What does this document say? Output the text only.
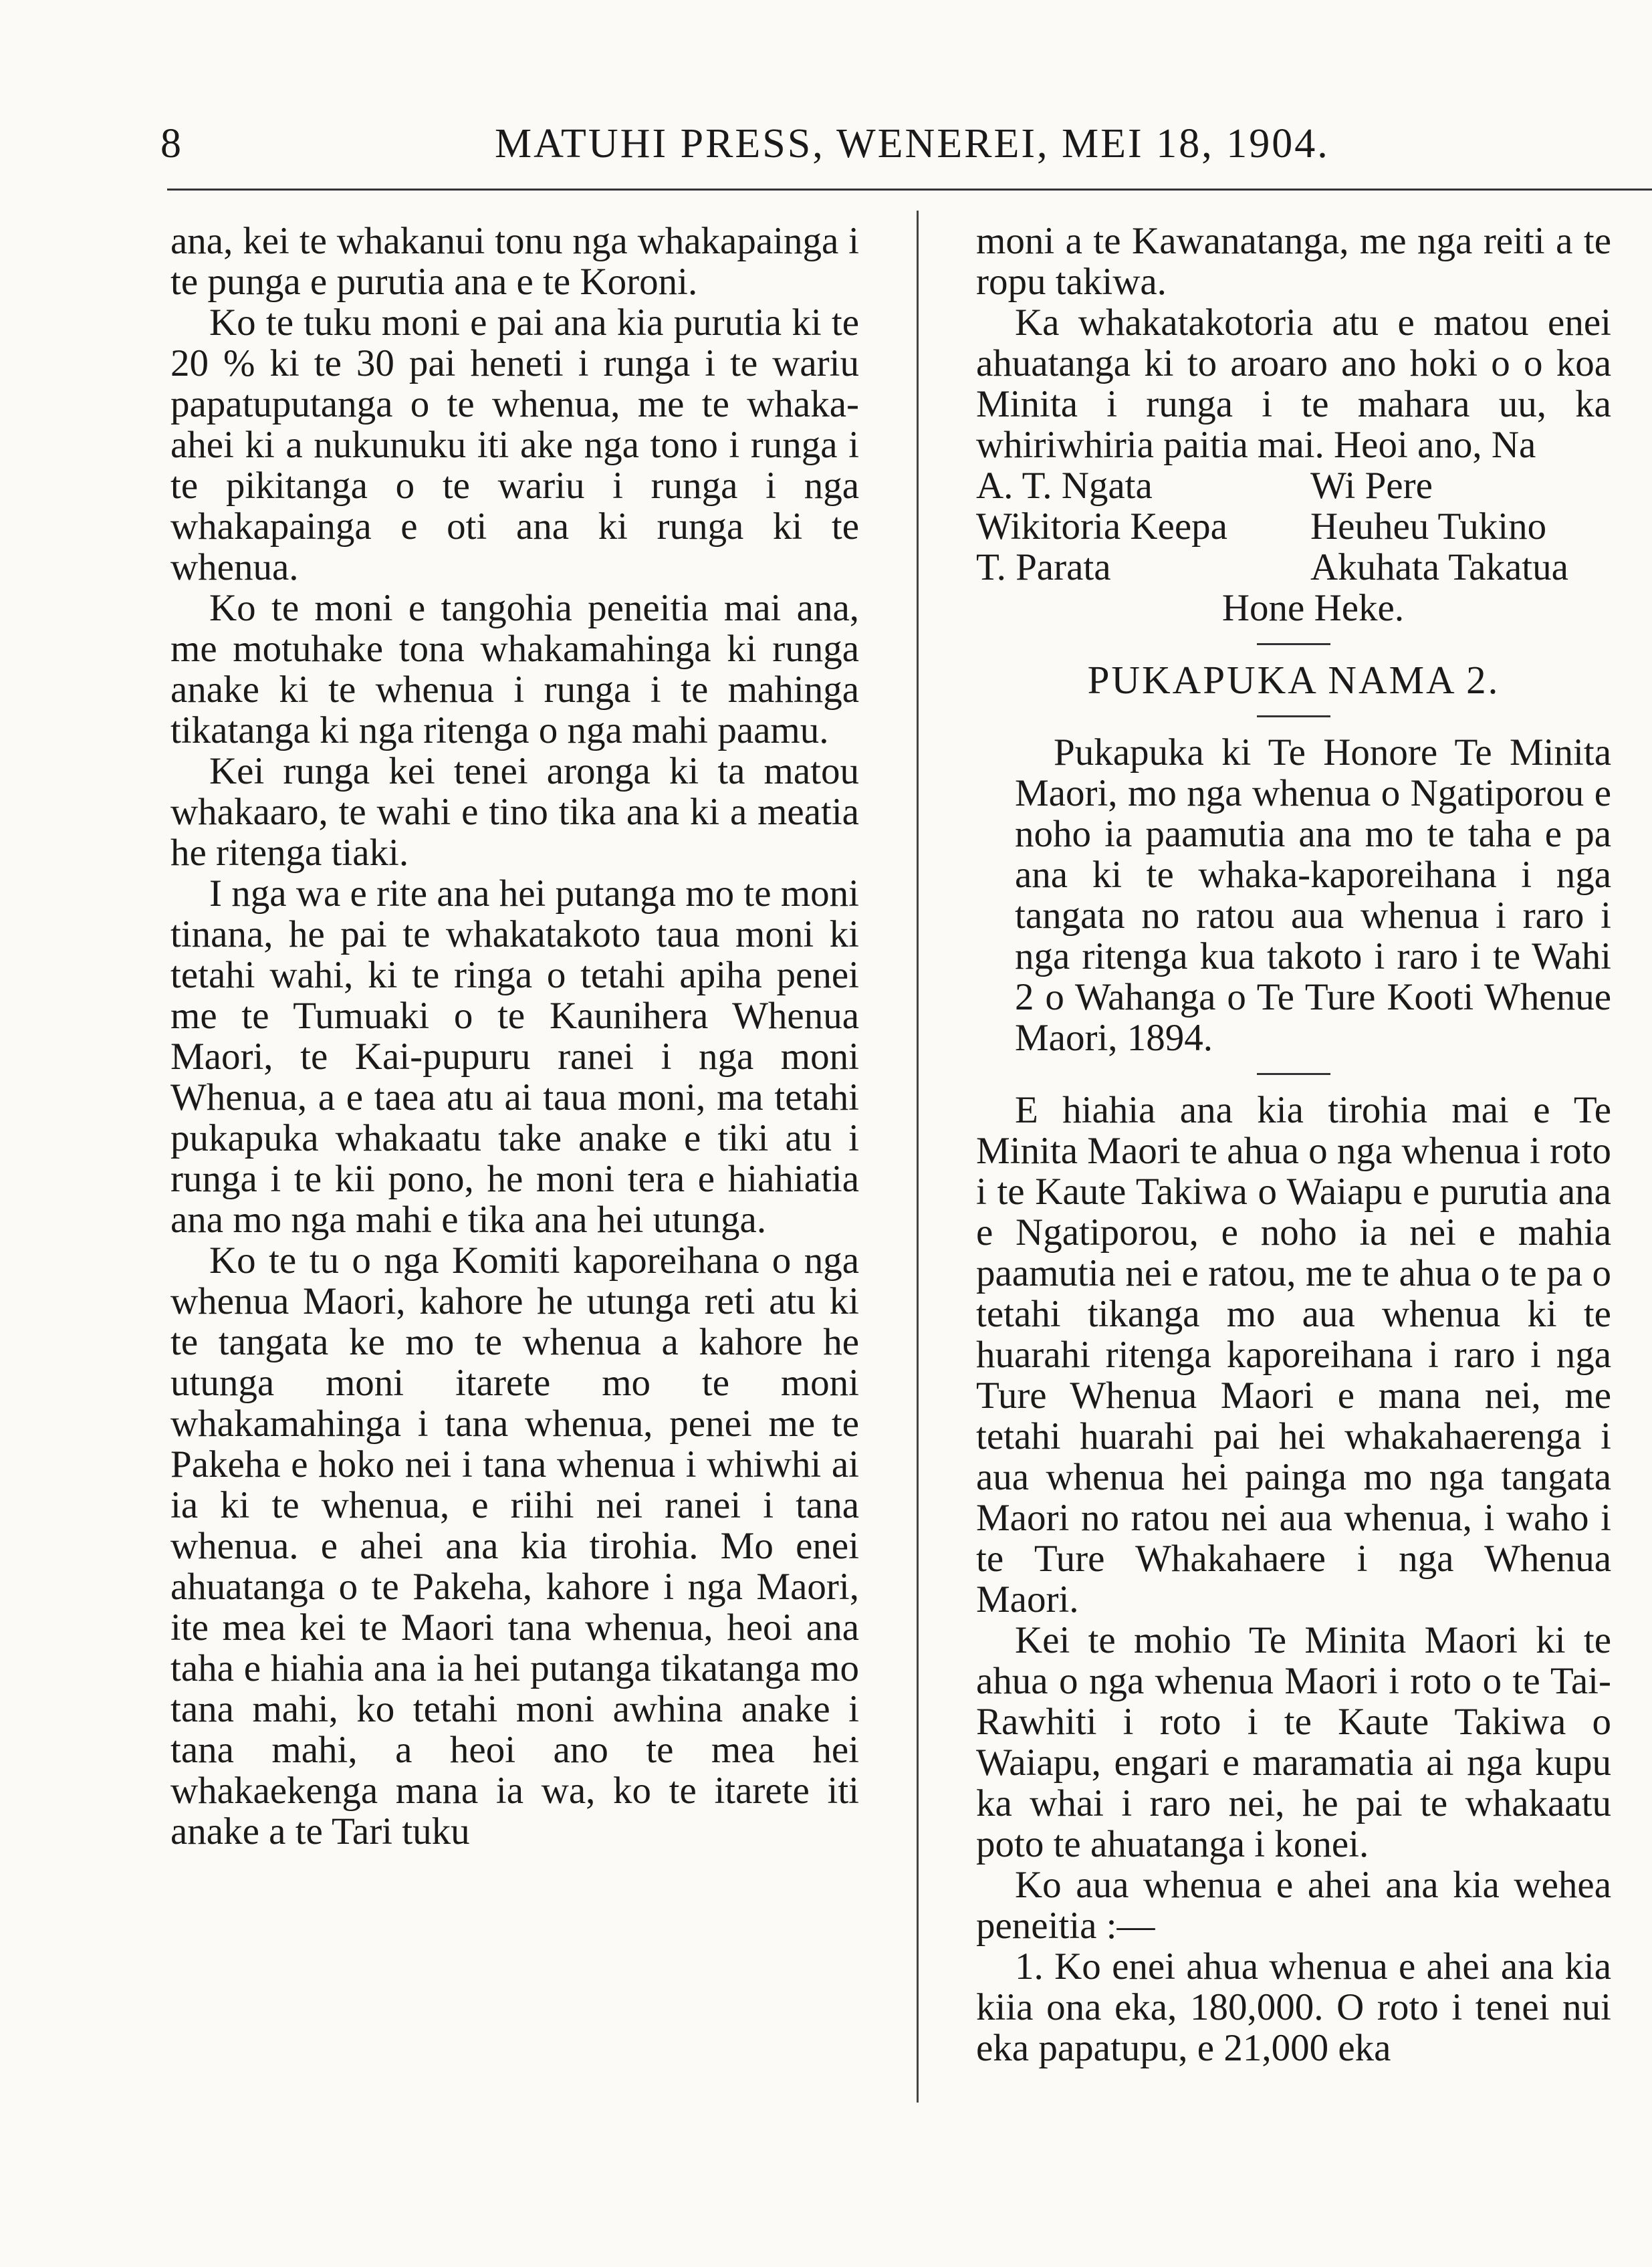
8	MATUHI PRESS, WENEREI, MEI 18, 1904.

ana, kei te whakanui tonu nga whakapainga i te punga e purutia ana e te Koroni.

Ko te tuku moni e pai ana kia purutia ki te 20 % ki te 30 pai heneti i runga i te wariu papatuputanga o te whenua, me te whaka-ahei ki a nukunuku iti ake nga tono i runga i te pikitanga o te wariu i runga i nga whakapainga e oti ana ki runga ki te whenua.

Ko te moni e tangohia peneitia mai ana, me motuhake tona whakamahinga ki runga anake ki te whenua i runga i te mahinga tikatanga ki nga ritenga o nga mahi paamu.

Kei runga kei tenei aronga ki ta matou whakaaro, te wahi e tino tika ana ki a meatia he ritenga tiaki.

I nga wa e rite ana hei putanga mo te moni tinana, he pai te whakatakoto taua moni ki tetahi wahi, ki te ringa o tetahi apiha penei me te Tumuaki o te Kaunihera Whenua Maori, te Kai-pupuru ranei i nga moni Whenua, a e taea atu ai taua moni, ma tetahi pukapuka whakaatu take anake e tiki atu i runga i te kii pono, he moni tera e hiahiatia ana mo nga mahi e tika ana hei utunga.

Ko te tu o nga Komiti kaporeihana o nga whenua Maori, kahore he utunga reti atu ki te tangata ke mo te whenua a kahore he utunga moni itarete mo te moni whakamahinga i tana whenua, penei me te Pakeha e hoko nei i tana whenua i whiwhi ai ia ki te whenua, e riihi nei ranei i tana whenua. e ahei ana kia tirohia. Mo enei ahuatanga o te Pakeha, kahore i nga Maori, ite mea kei te Maori tana whenua, heoi ana taha e hiahia ana ia hei putanga tikatanga mo tana mahi, ko tetahi moni awhina anake i tana mahi, a heoi ano te mea hei whakaekenga mana ia wa, ko te itarete iti anake a te Tari tuku

moni a te Kawanatanga, me nga reiti a te ropu takiwa.

Ka whakatakotoria atu e matou enei ahuatanga ki to aroaro ano hoki o o koa Minita i runga i te mahara uu, ka whiriwhiria paitia mai. Heoi ano, Na

A. T. Ngata	Wi Pere
Wikitoria Keepa	Heuheu Tukino
T. Parata	Akuhata Takatua

Hone Heke.

PUKAPUKA NAMA 2.

Pukapuka ki Te Honore Te Minita Maori, mo nga whenua o Ngatiporou e noho ia paamutia ana mo te taha e pa ana ki te whaka-kaporeihana i nga tangata no ratou aua whenua i raro i nga ritenga kua takoto i raro i te Wahi 2 o Wahanga o Te Ture Kooti Whenue Maori, 1894.

E hiahia ana kia tirohia mai e Te Minita Maori te ahua o nga whenua i roto i te Kaute Takiwa o Waiapu e purutia ana e Ngatiporou, e noho ia nei e mahia paamutia nei e ratou, me te ahua o te pa o tetahi tikanga mo aua whenua ki te huarahi ritenga kaporeihana i raro i nga Ture Whenua Maori e mana nei, me tetahi huarahi pai hei whakahaerenga i aua whenua hei painga mo nga tangata Maori no ratou nei aua whenua, i waho i te Ture Whakahaere i nga Whenua Maori.

Kei te mohio Te Minita Maori ki te ahua o nga whenua Maori i roto o te Tai-Rawhiti i roto i te Kaute Takiwa o Waiapu, engari e maramatia ai nga kupu ka whai i raro nei, he pai te whakaatu poto te ahuatanga i konei.

Ko aua whenua e ahei ana kia wehea peneitia :—

1. Ko enei ahua whenua e ahei ana kia kiia ona eka, 180,000. O roto i tenei nui eka papatupu, e 21,000 eka
